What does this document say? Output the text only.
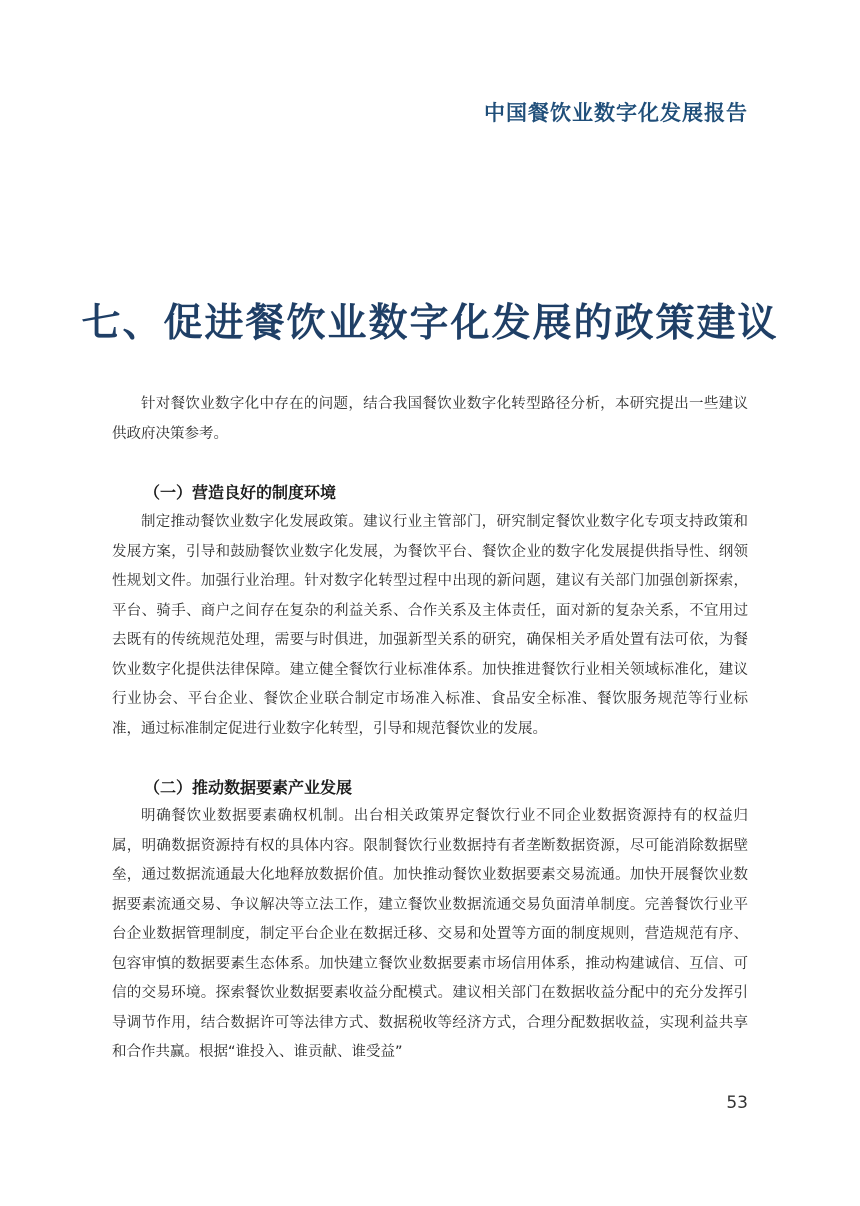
中国餐饮业数字化发展报告
七、促进餐饮业数字化发展的政策建议

针对餐饮业数字化中存在的问题，结合我国餐饮业数字化转型路径分析，本研究提出一些建议供政府决策参考。

（一）营造良好的制度环境

制定推动餐饮业数字化发展政策。建议行业主管部门，研究制定餐饮业数字化专项支持政策和发展方案，引导和鼓励餐饮业数字化发展，为餐饮平台、餐饮企业的数字化发展提供指导性、纲领性规划文件。加强行业治理。针对数字化转型过程中出现的新问题，建议有关部门加强创新探索，平台、骑手、商户之间存在复杂的利益关系、合作关系及主体责任，面对新的复杂关系，不宜用过去既有的传统规范处理，需要与时俱进，加强新型关系的研究，确保相关矛盾处置有法可依，为餐饮业数字化提供法律保障。建立健全餐饮行业标准体系。加快推进餐饮行业相关领域标准化，建议行业协会、平台企业、餐饮企业联合制定市场准入标准、食品安全标准、餐饮服务规范等行业标准，通过标准制定促进行业数字化转型，引导和规范餐饮业的发展。

（二）推动数据要素产业发展

明确餐饮业数据要素确权机制。出台相关政策界定餐饮行业不同企业数据资源持有的权益归属，明确数据资源持有权的具体内容。限制餐饮行业数据持有者垄断数据资源，尽可能消除数据壁垒，通过数据流通最大化地释放数据价值。加快推动餐饮业数据要素交易流通。加快开展餐饮业数据要素流通交易、争议解决等立法工作，建立餐饮业数据流通交易负面清单制度。完善餐饮行业平台企业数据管理制度，制定平台企业在数据迁移、交易和处置等方面的制度规则，营造规范有序、包容审慎的数据要素生态体系。加快建立餐饮业数据要素市场信用体系，推动构建诚信、互信、可信的交易环境。探索餐饮业数据要素收益分配模式。建议相关部门在数据收益分配中的充分发挥引导调节作用，结合数据许可等法律方式、数据税收等经济方式，合理分配数据收益，实现利益共享和合作共赢。根据“谁投入、谁贡献、谁受益”

53
